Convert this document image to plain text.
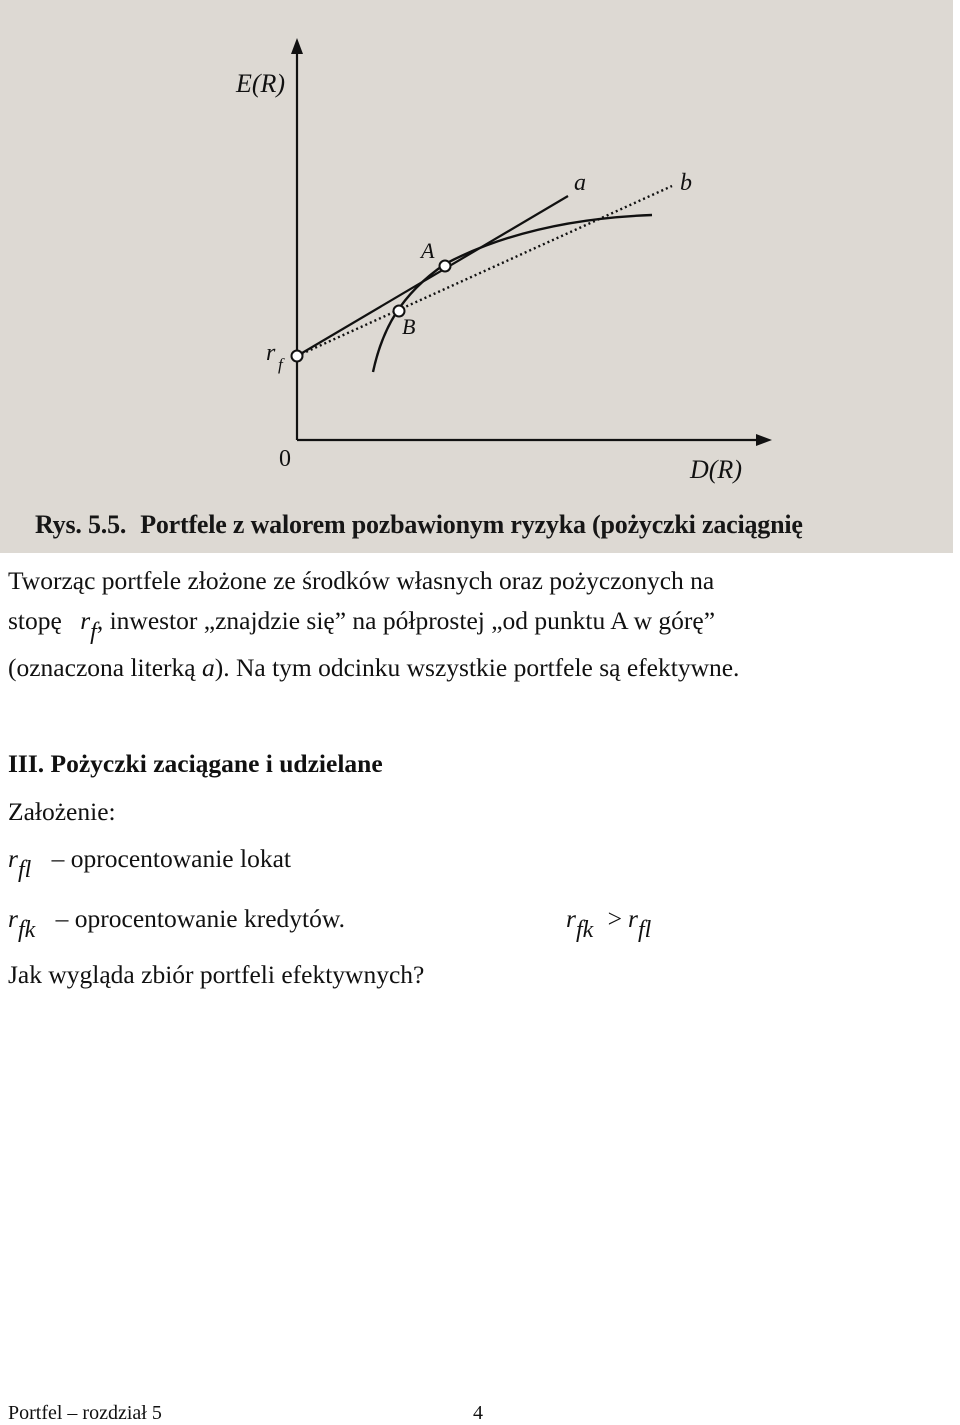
E(R)
D(R)
0
r f
A
B
a	b
Rys. 5.5. Portfele z walorem pozbawionym ryzyka (pożyczki zaciągnię
Tworząc portfele złożone ze środków własnych oraz pożyczonych na
stopę rf, inwestor „znajdzie się” na półprostej „od punktu A w górę”
(oznaczona literką a). Na tym odcinku wszystkie portfele są efektywne.
III. Pożyczki zaciągane i udzielane
Założenie:
rfl – oprocentowanie lokat
rfk – oprocentowanie kredytów.	rfk > rfl
Jak wygląda zbiór portfeli efektywnych?
Portfel – rozdział 5	4
